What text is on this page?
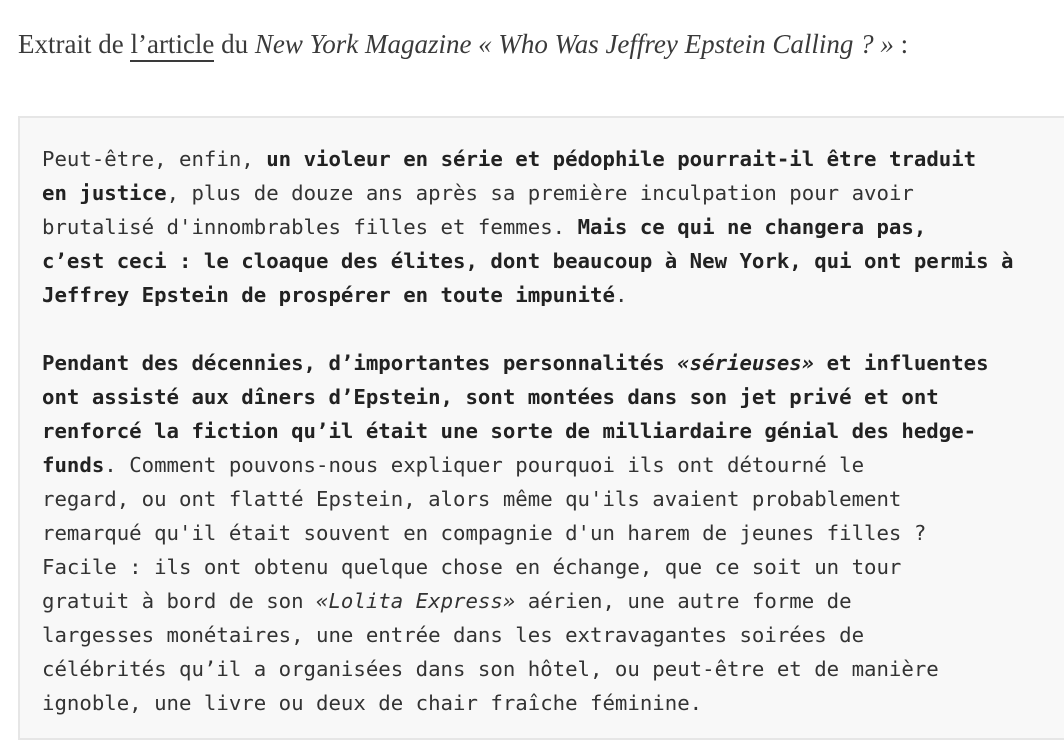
Extrait de l’article du New York Magazine « Who Was Jeffrey Epstein Calling ? » :

Peut-être, enfin, un violeur en série et pédophile pourrait-il être traduit
en justice, plus de douze ans après sa première inculpation pour avoir
brutalisé d'innombrables filles et femmes. Mais ce qui ne changera pas,
c’est ceci : le cloaque des élites, dont beaucoup à New York, qui ont permis à
Jeffrey Epstein de prospérer en toute impunité.

Pendant des décennies, d’importantes personnalités «sérieuses» et influentes
ont assisté aux dîners d’Epstein, sont montées dans son jet privé et ont
renforcé la fiction qu’il était une sorte de milliardaire génial des hedge-
funds. Comment pouvons-nous expliquer pourquoi ils ont détourné le
regard, ou ont flatté Epstein, alors même qu'ils avaient probablement
remarqué qu'il était souvent en compagnie d'un harem de jeunes filles ?
Facile : ils ont obtenu quelque chose en échange, que ce soit un tour
gratuit à bord de son «Lolita Express» aérien, une autre forme de
largesses monétaires, une entrée dans les extravagantes soirées de
célébrités qu’il a organisées dans son hôtel, ou peut-être et de manière
ignoble, une livre ou deux de chair fraîche féminine.
